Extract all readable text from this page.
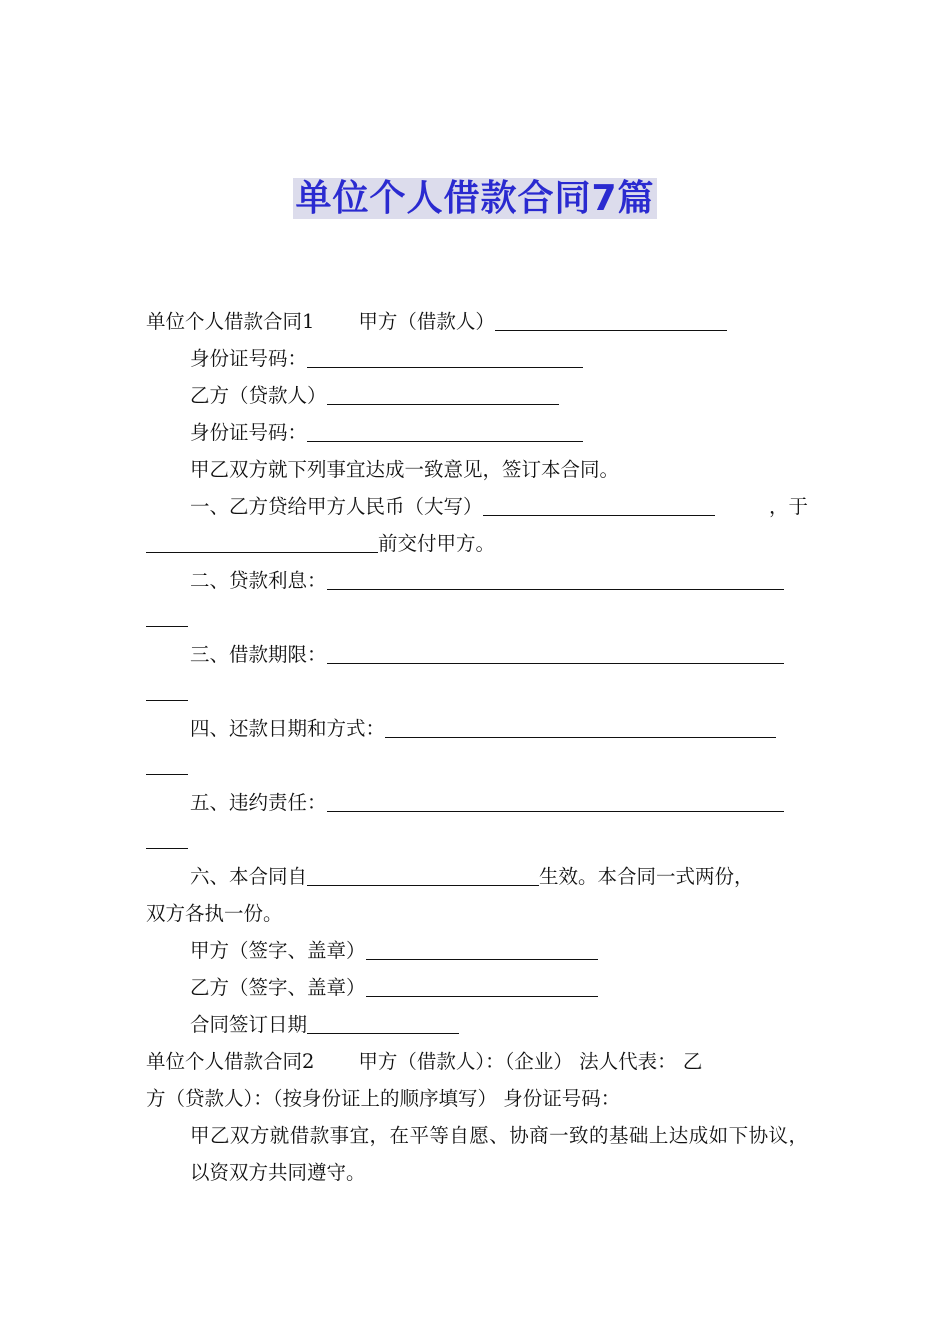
单位个人借款合同7篇

单位个人借款合同1 甲方（借款人）

身份证号码：

乙方（贷款人）

身份证号码：

甲乙双方就下列事宜达成一致意见，签订本合同。

一、乙方贷给甲方人民币（大写）	，于

前交付甲方。

二、贷款利息：

三、借款期限：

四、还款日期和方式：

五、违约责任：

六、本合同自	生效。本合同一式两份，

双方各执一份。

甲方（签字、盖章）

乙方（签字、盖章）

合同签订日期

单位个人借款合同2 甲方（借款人）：（企业） 法人代表： 乙

方（贷款人）：（按身份证上的顺序填写） 身份证号码：

甲乙双方就借款事宜，在平等自愿、协商一致的基础上达成如下协议，以资双方共同遵守。
